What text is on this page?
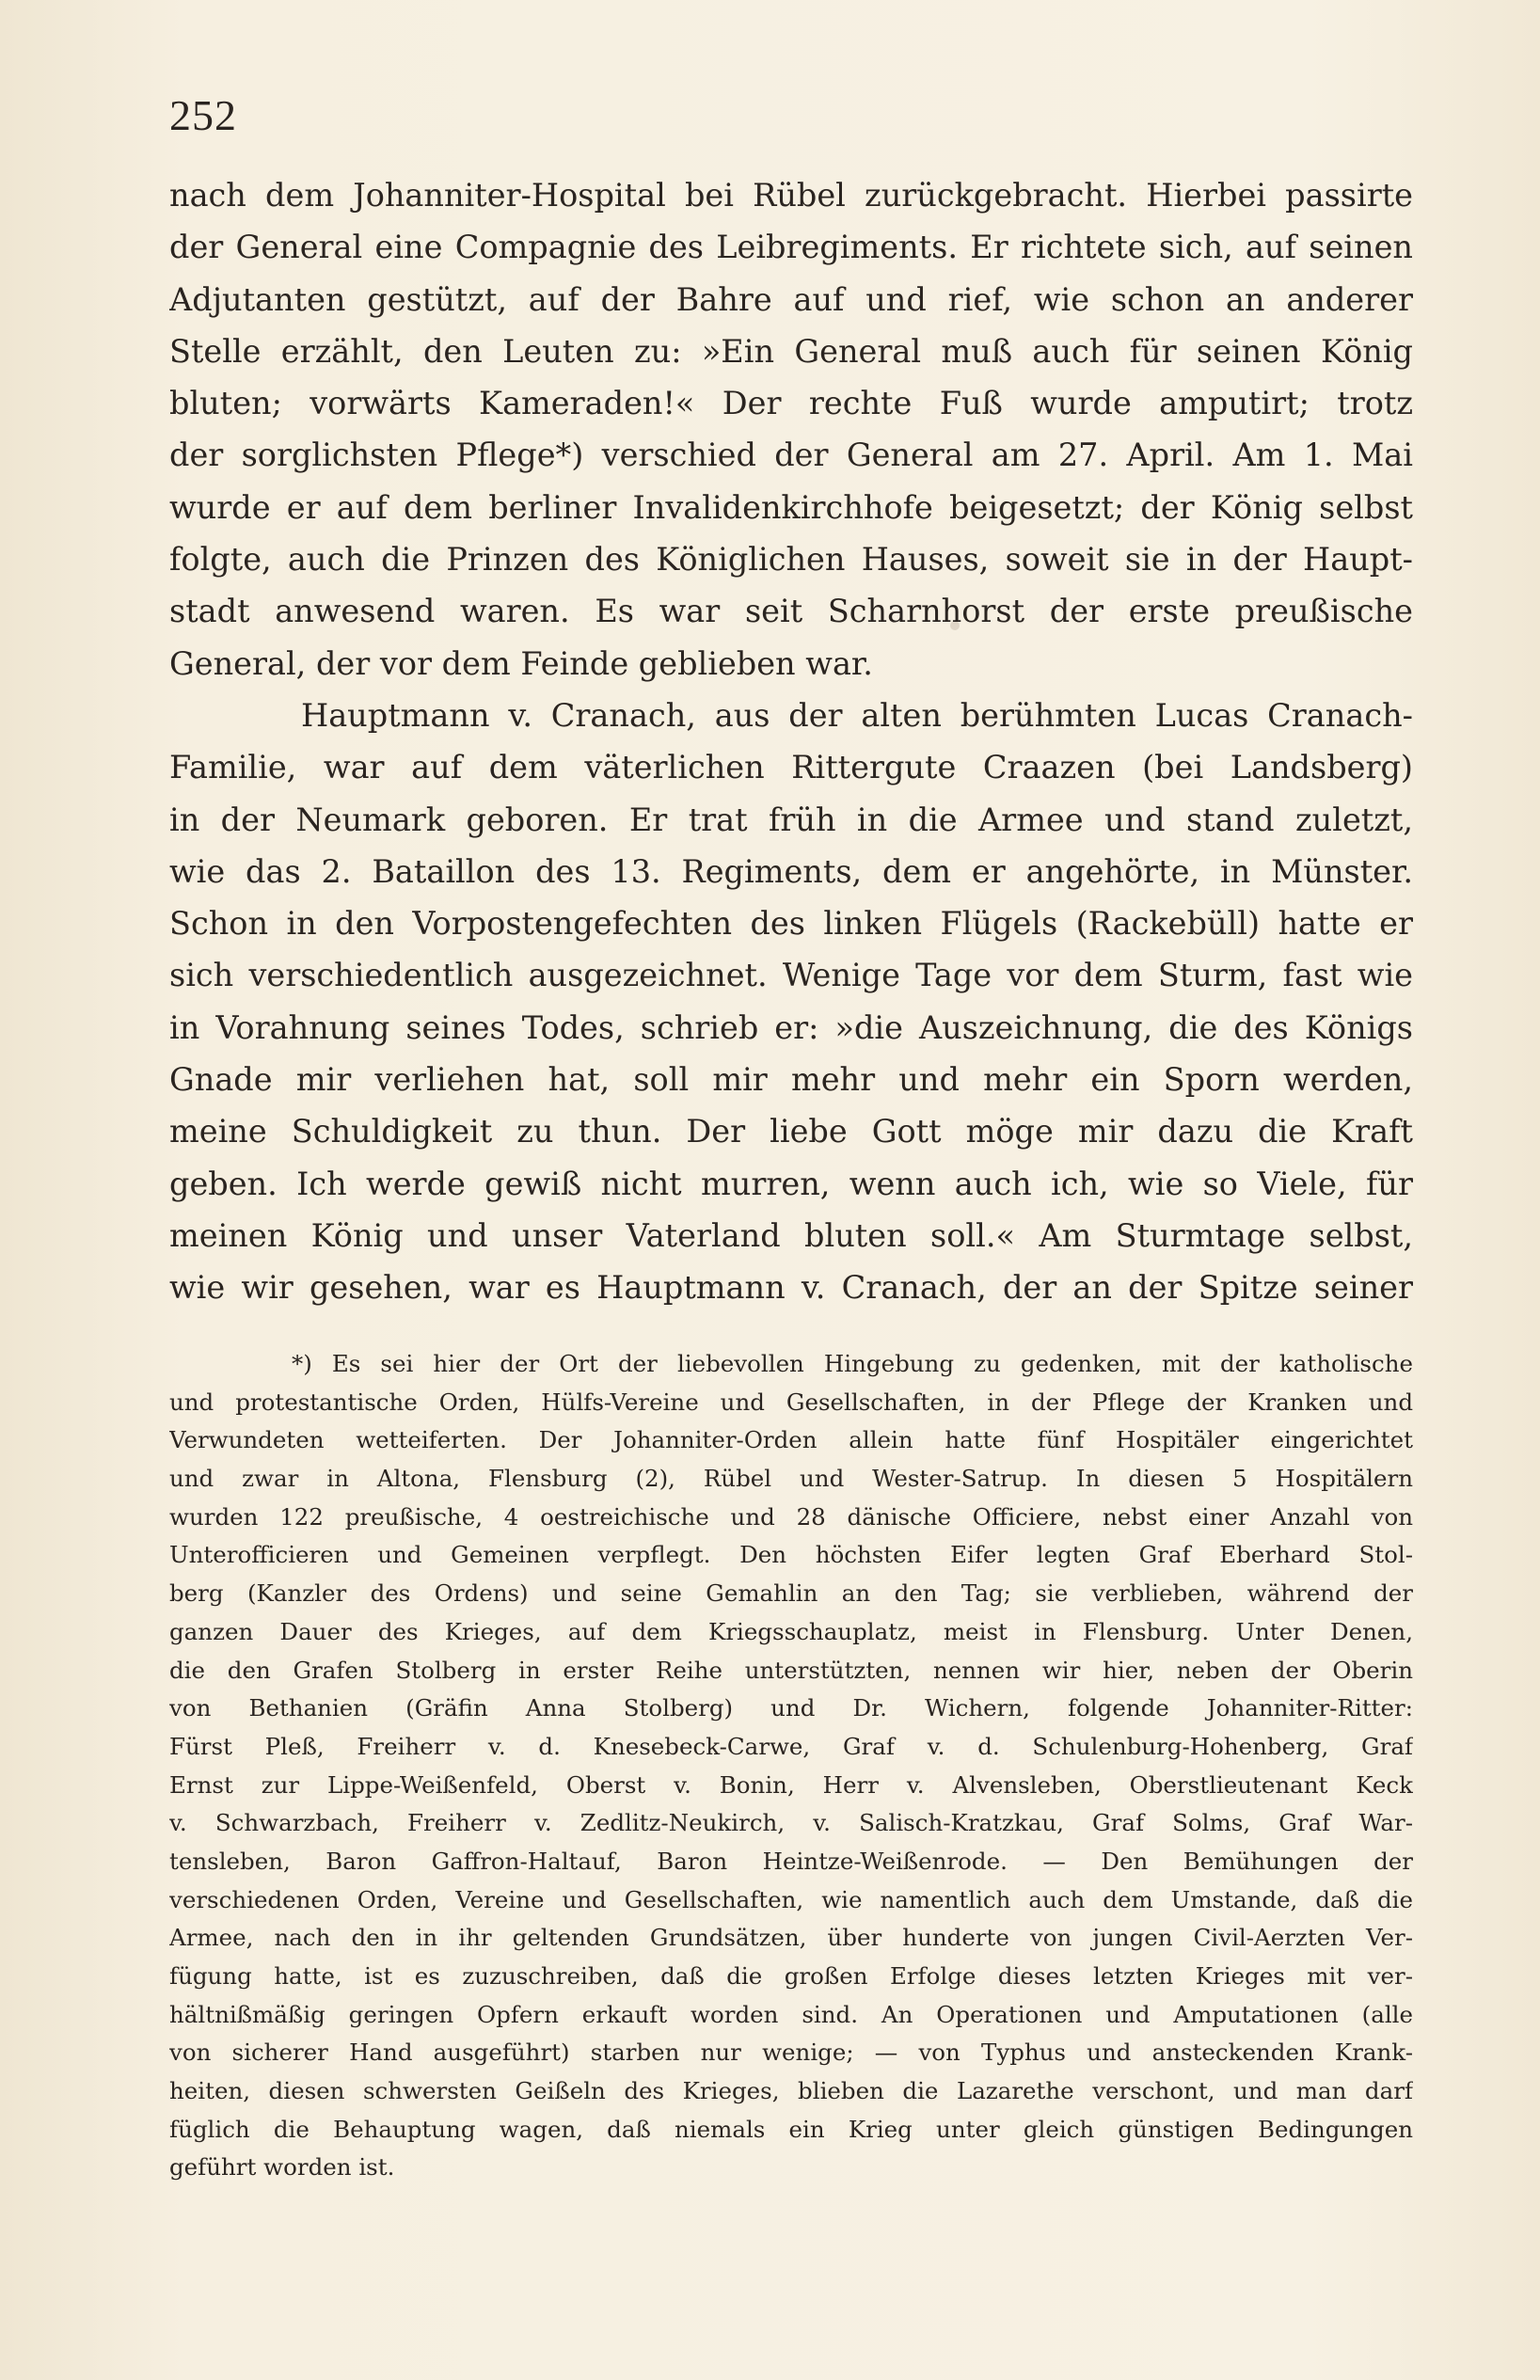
252
nach dem Johanniter-Hospital bei Rübel zurückgebracht. Hierbei passirte
der General eine Compagnie des Leibregiments. Er richtete sich, auf seinen
Adjutanten gestützt, auf der Bahre auf und rief, wie schon an anderer
Stelle erzählt, den Leuten zu: »Ein General muß auch für seinen König
bluten; vorwärts Kameraden!« Der rechte Fuß wurde amputirt; trotz
der sorglichsten Pflege*) verschied der General am 27. April. Am 1. Mai
wurde er auf dem berliner Invalidenkirchhofe beigesetzt; der König selbst
folgte, auch die Prinzen des Königlichen Hauses, soweit sie in der Haupt-
stadt anwesend waren. Es war seit Scharnhorst der erste preußische
General, der vor dem Feinde geblieben war.
Hauptmann v. Cranach, aus der alten berühmten Lucas Cranach-
Familie, war auf dem väterlichen Rittergute Craazen (bei Landsberg)
in der Neumark geboren. Er trat früh in die Armee und stand zuletzt,
wie das 2. Bataillon des 13. Regiments, dem er angehörte, in Münster.
Schon in den Vorpostengefechten des linken Flügels (Rackebüll) hatte er
sich verschiedentlich ausgezeichnet. Wenige Tage vor dem Sturm, fast wie
in Vorahnung seines Todes, schrieb er: »die Auszeichnung, die des Königs
Gnade mir verliehen hat, soll mir mehr und mehr ein Sporn werden,
meine Schuldigkeit zu thun. Der liebe Gott möge mir dazu die Kraft
geben. Ich werde gewiß nicht murren, wenn auch ich, wie so Viele, für
meinen König und unser Vaterland bluten soll.« Am Sturmtage selbst,
wie wir gesehen, war es Hauptmann v. Cranach, der an der Spitze seiner
*) Es sei hier der Ort der liebevollen Hingebung zu gedenken, mit der katholische
und protestantische Orden, Hülfs-Vereine und Gesellschaften, in der Pflege der Kranken und
Verwundeten wetteiferten. Der Johanniter-Orden allein hatte fünf Hospitäler eingerichtet
und zwar in Altona, Flensburg (2), Rübel und Wester-Satrup. In diesen 5 Hospitälern
wurden 122 preußische, 4 oestreichische und 28 dänische Officiere, nebst einer Anzahl von
Unterofficieren und Gemeinen verpflegt. Den höchsten Eifer legten Graf Eberhard Stol-
berg (Kanzler des Ordens) und seine Gemahlin an den Tag; sie verblieben, während der
ganzen Dauer des Krieges, auf dem Kriegsschauplatz, meist in Flensburg. Unter Denen,
die den Grafen Stolberg in erster Reihe unterstützten, nennen wir hier, neben der Oberin
von Bethanien (Gräfin Anna Stolberg) und Dr. Wichern, folgende Johanniter-Ritter:
Fürst Pleß, Freiherr v. d. Knesebeck-Carwe, Graf v. d. Schulenburg-Hohenberg, Graf
Ernst zur Lippe-Weißenfeld, Oberst v. Bonin, Herr v. Alvensleben, Oberstlieutenant Keck
v. Schwarzbach, Freiherr v. Zedlitz-Neukirch, v. Salisch-Kratzkau, Graf Solms, Graf War-
tensleben, Baron Gaffron-Haltauf, Baron Heintze-Weißenrode. — Den Bemühungen der
verschiedenen Orden, Vereine und Gesellschaften, wie namentlich auch dem Umstande, daß die
Armee, nach den in ihr geltenden Grundsätzen, über hunderte von jungen Civil-Aerzten Ver-
fügung hatte, ist es zuzuschreiben, daß die großen Erfolge dieses letzten Krieges mit ver-
hältnißmäßig geringen Opfern erkauft worden sind. An Operationen und Amputationen (alle
von sicherer Hand ausgeführt) starben nur wenige; — von Typhus und ansteckenden Krank-
heiten, diesen schwersten Geißeln des Krieges, blieben die Lazarethe verschont, und man darf
füglich die Behauptung wagen, daß niemals ein Krieg unter gleich günstigen Bedingungen
geführt worden ist.
